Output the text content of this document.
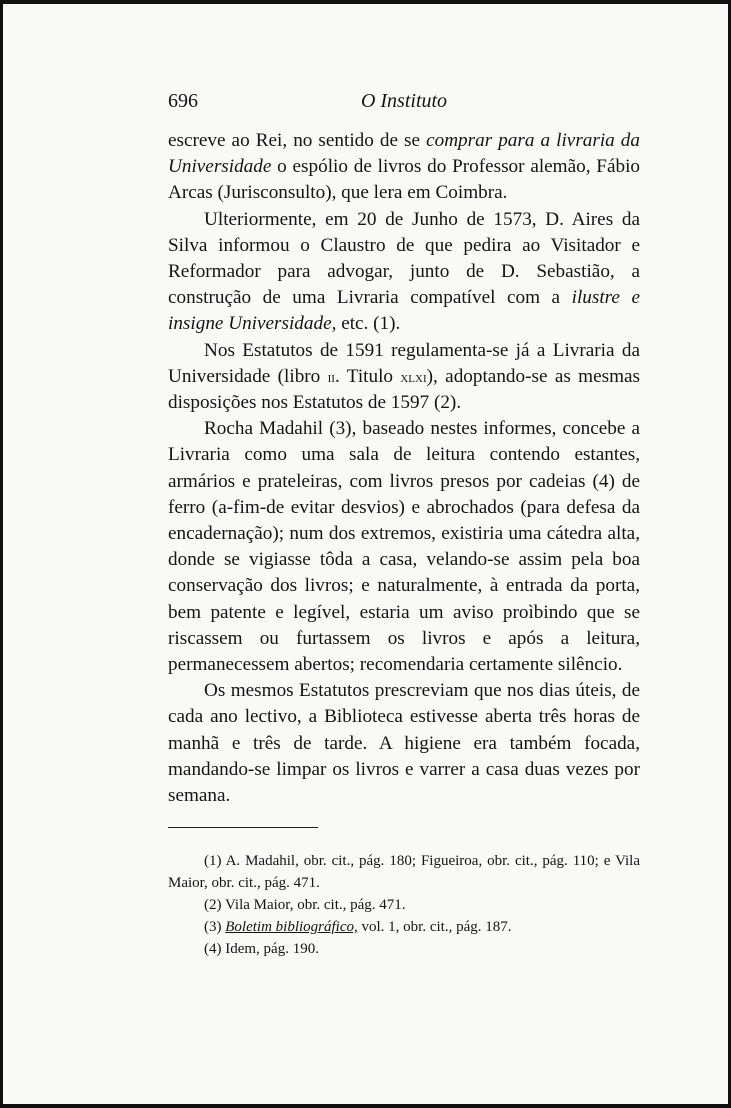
696	O Instituto

escreve ao Rei, no sentido de se comprar para a livraria da Universidade o espólio de livros do Professor alemão, Fábio Arcas (Jurisconsulto), que lera em Coimbra.

Ulteriormente, em 20 de Junho de 1573, D. Aires da Silva informou o Claustro de que pedira ao Visitador e Reformador para advogar, junto de D. Sebastião, a construção de uma Livraria compatível com a ilustre e insigne Universidade, etc. (1).

Nos Estatutos de 1591 regulamenta-se já a Livraria da Universidade (libro ii. Titulo xlxi), adoptando-se as mesmas disposições nos Estatutos de 1597 (2).

Rocha Madahil (3), baseado nestes informes, concebe a Livraria como uma sala de leitura contendo estantes, armários e prateleiras, com livros presos por cadeias (4) de ferro (a-fim-de evitar desvios) e abrochados (para defesa da encadernação); num dos extremos, existiria uma cátedra alta, donde se vigiasse tôda a casa, velando-se assim pela boa conservação dos livros; e naturalmente, à entrada da porta, bem patente e legível, estaria um aviso proìbindo que se riscassem ou furtassem os livros e após a leitura, permanecessem abertos; recomendaria certamente silêncio.

Os mesmos Estatutos prescreviam que nos dias úteis, de cada ano lectivo, a Biblioteca estivesse aberta três horas de manhã e três de tarde. A higiene era também focada, mandando-se limpar os livros e varrer a casa duas vezes por semana.

(1) A. Madahil, obr. cit., pág. 180; Figueiroa, obr. cit., pág. 110; e Vila Maior, obr. cit., pág. 471.

(2) Vila Maior, obr. cit., pág. 471.

(3) Boletim bibliográfico, vol. 1, obr. cit., pág. 187.

(4) Idem, pág. 190.
